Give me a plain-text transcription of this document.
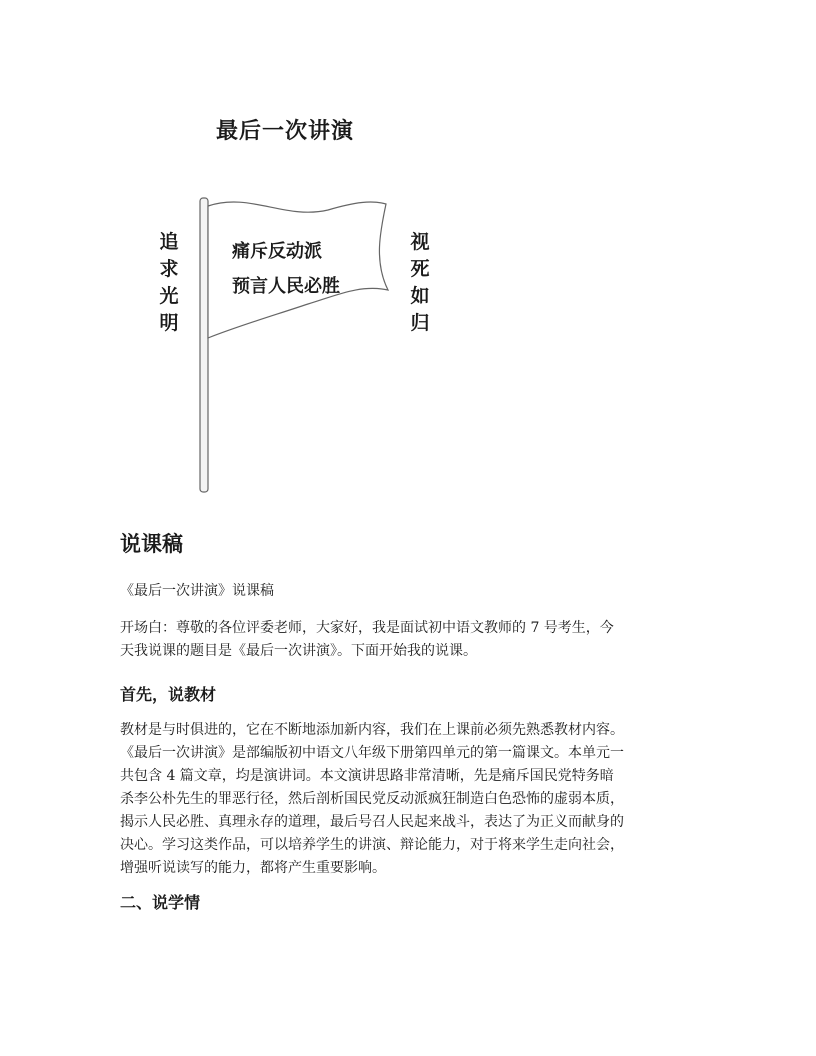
最后一次讲演
追
求
光
明
视
死
如
归
痛斥反动派
预言人民必胜
说课稿
《最后一次讲演》说课稿
开场白：尊敬的各位评委老师，大家好，我是面试初中语文教师的 7 号考生，今
天我说课的题目是《最后一次讲演》。下面开始我的说课。
首先，说教材
教材是与时俱进的，它在不断地添加新内容，我们在上课前必须先熟悉教材内容。
《最后一次讲演》是部编版初中语文八年级下册第四单元的第一篇课文。本单元一
共包含 4 篇文章，均是演讲词。本文演讲思路非常清晰，先是痛斥国民党特务暗
杀李公朴先生的罪恶行径，然后剖析国民党反动派疯狂制造白色恐怖的虚弱本质，
揭示人民必胜、真理永存的道理，最后号召人民起来战斗，表达了为正义而献身的
决心。学习这类作品，可以培养学生的讲演、辩论能力，对于将来学生走向社会，
增强听说读写的能力，都将产生重要影响。
二、说学情
